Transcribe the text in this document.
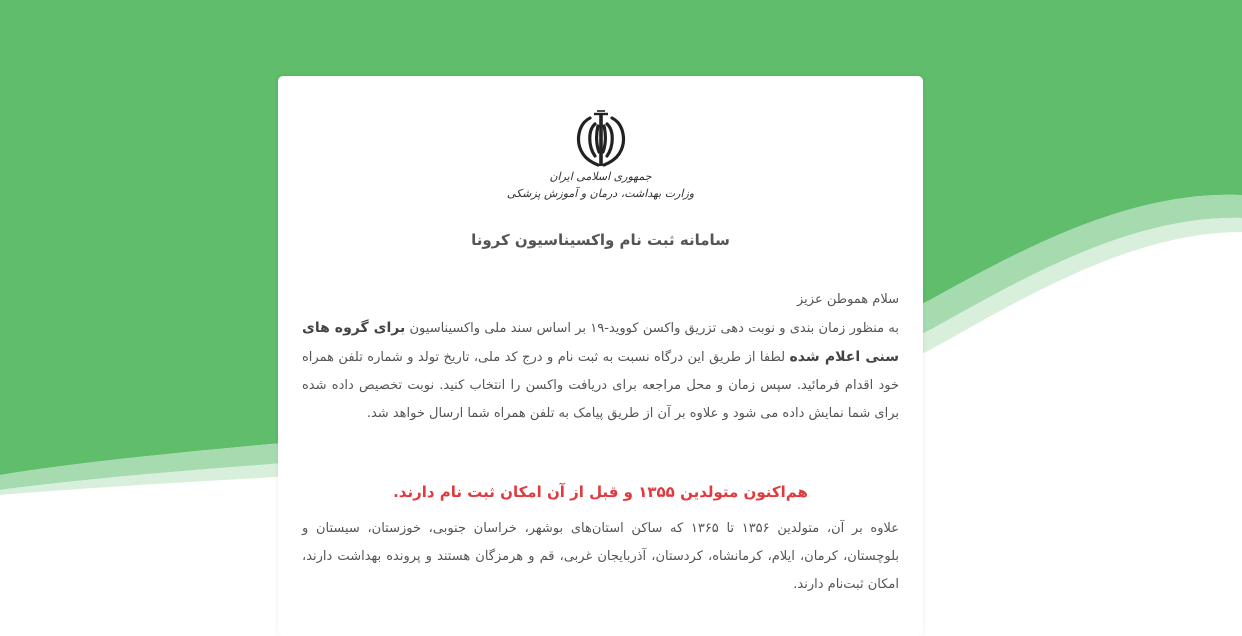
جمهوری اسلامی ایران
وزارت بهداشت، درمان و آموزش پزشکی
سامانه ثبت نام واکسیناسیون کرونا

سلام هموطن عزیز

به منظور زمان بندی و نوبت دهی تزریق واکسن کووید-۱۹ بر اساس سند ملی واکسیناسیون برای گروه های سنی اعلام شده لطفا از طریق این درگاه نسبت به ثبت نام و درج کد ملی، تاریخ تولد و شماره تلفن همراه خود اقدام فرمائید. سپس زمان و محل مراجعه برای دریافت واکسن را انتخاب کنید. نوبت تخصیص داده شده برای شما نمایش داده می شود و علاوه بر آن از طریق پیامک به تلفن همراه شما ارسال خواهد شد.

هم‌اکنون متولدین ۱۳۵۵ و قبل از آن امکان ثبت نام دارند.

علاوه بر آن، متولدین ۱۳۵۶ تا ۱۳۶۵ که ساکن استان‌های بوشهر، خراسان جنوبی، خوزستان، سیستان و بلوچستان، کرمان، ایلام، کرمانشاه، کردستان، آذربایجان غربی، قم و هرمزگان هستند و پرونده بهداشت دارند، امکان ثبت‌نام دارند.
